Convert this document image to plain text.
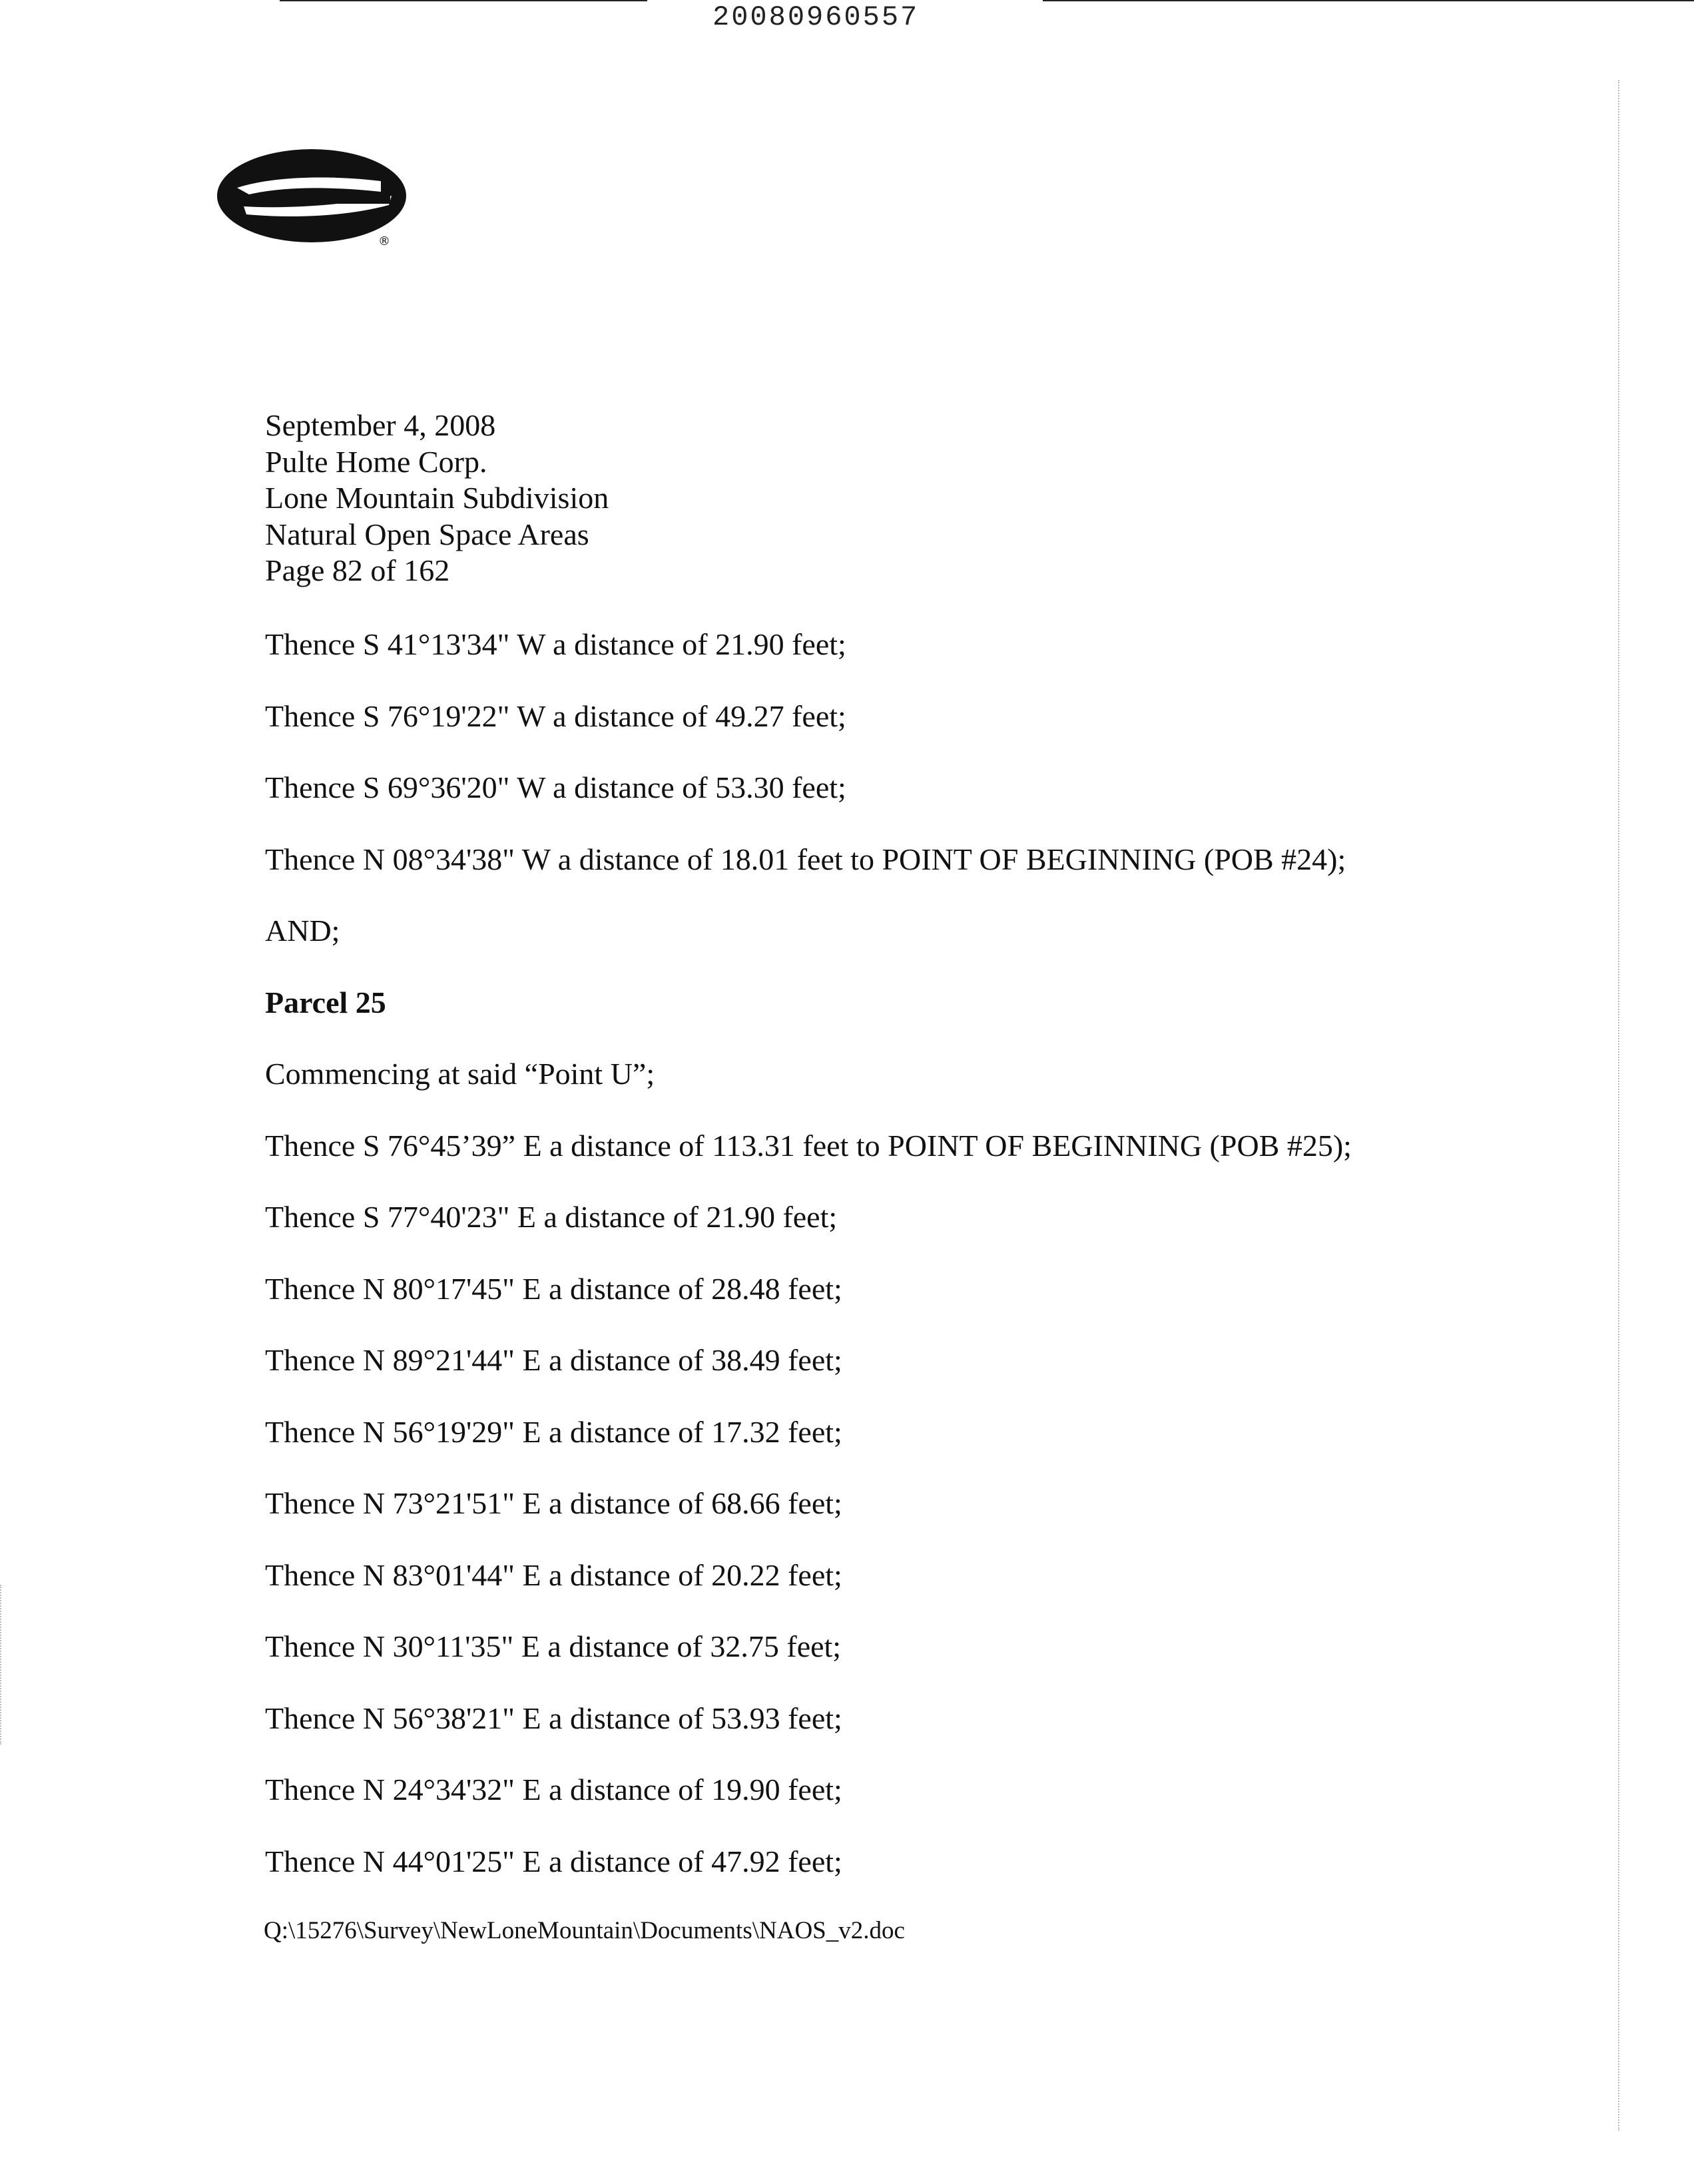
20080960557
®
September 4, 2008
Pulte Home Corp.
Lone Mountain Subdivision
Natural Open Space Areas
Page 82 of 162
Thence S 41°13'34" W a distance of 21.90 feet;
Thence S 76°19'22" W a distance of 49.27 feet;
Thence S 69°36'20" W a distance of 53.30 feet;
Thence N 08°34'38" W a distance of 18.01 feet to POINT OF BEGINNING (POB #24);
AND;
Parcel 25
Commencing at said “Point U”;
Thence S 76°45’39” E a distance of 113.31 feet to POINT OF BEGINNING (POB #25);
Thence S 77°40'23" E a distance of 21.90 feet;
Thence N 80°17'45" E a distance of 28.48 feet;
Thence N 89°21'44" E a distance of 38.49 feet;
Thence N 56°19'29" E a distance of 17.32 feet;
Thence N 73°21'51" E a distance of 68.66 feet;
Thence N 83°01'44" E a distance of 20.22 feet;
Thence N 30°11'35" E a distance of 32.75 feet;
Thence N 56°38'21" E a distance of 53.93 feet;
Thence N 24°34'32" E a distance of 19.90 feet;
Thence N 44°01'25" E a distance of 47.92 feet;
Q:\15276\Survey\NewLoneMountain\Documents\NAOS_v2.doc
